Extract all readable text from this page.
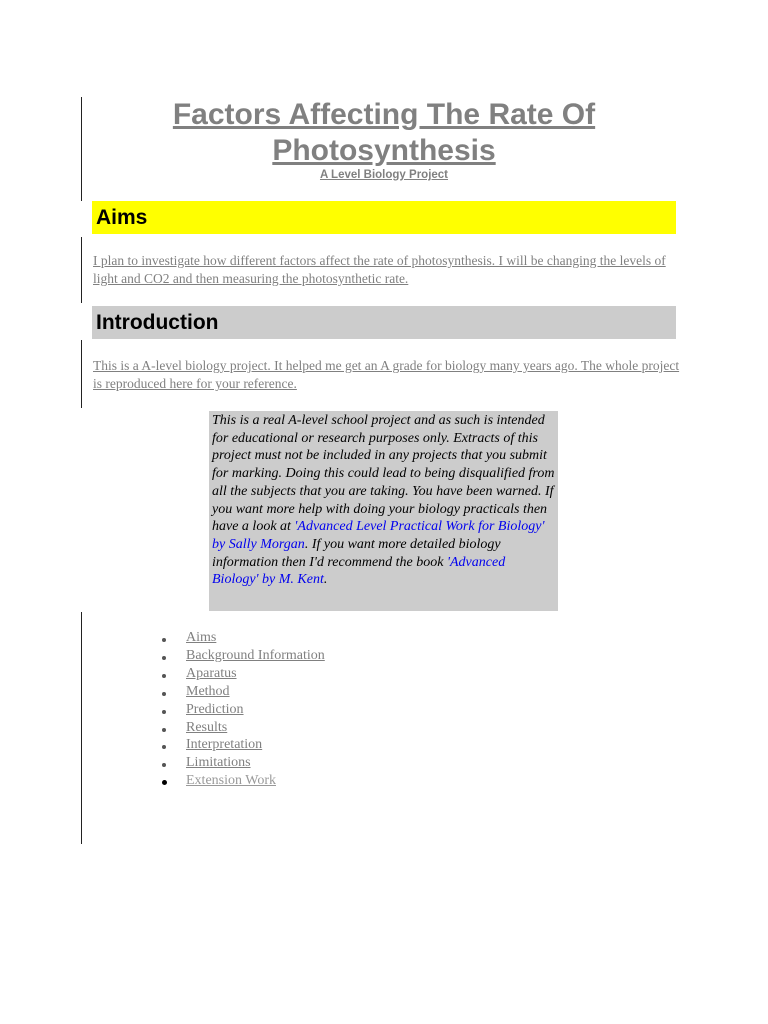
Factors Affecting The Rate Of
Photosynthesis
A Level Biology Project
Aims

I plan to investigate how different factors affect the rate of photosynthesis. I will be changing the levels of light and CO2 and then measuring the photosynthetic rate.

Introduction

This is a A-level biology project. It helped me get an A grade for biology many years ago. The whole project is reproduced here for your reference.

This is a real A-level school project and as such is intended for educational or research purposes only. Extracts of this project must not be included in any projects that you submit for marking. Doing this could lead to being disqualified from all the subjects that you are taking. You have been warned. If you want more help with doing your biology practicals then have a look at 'Advanced Level Practical Work for Biology' by Sally Morgan. If you want more detailed biology information then I'd recommend the book 'Advanced Biology' by M. Kent.
Aims
Background Information
Aparatus
Method
Prediction
Results
Interpretation
Limitations
Extension Work
